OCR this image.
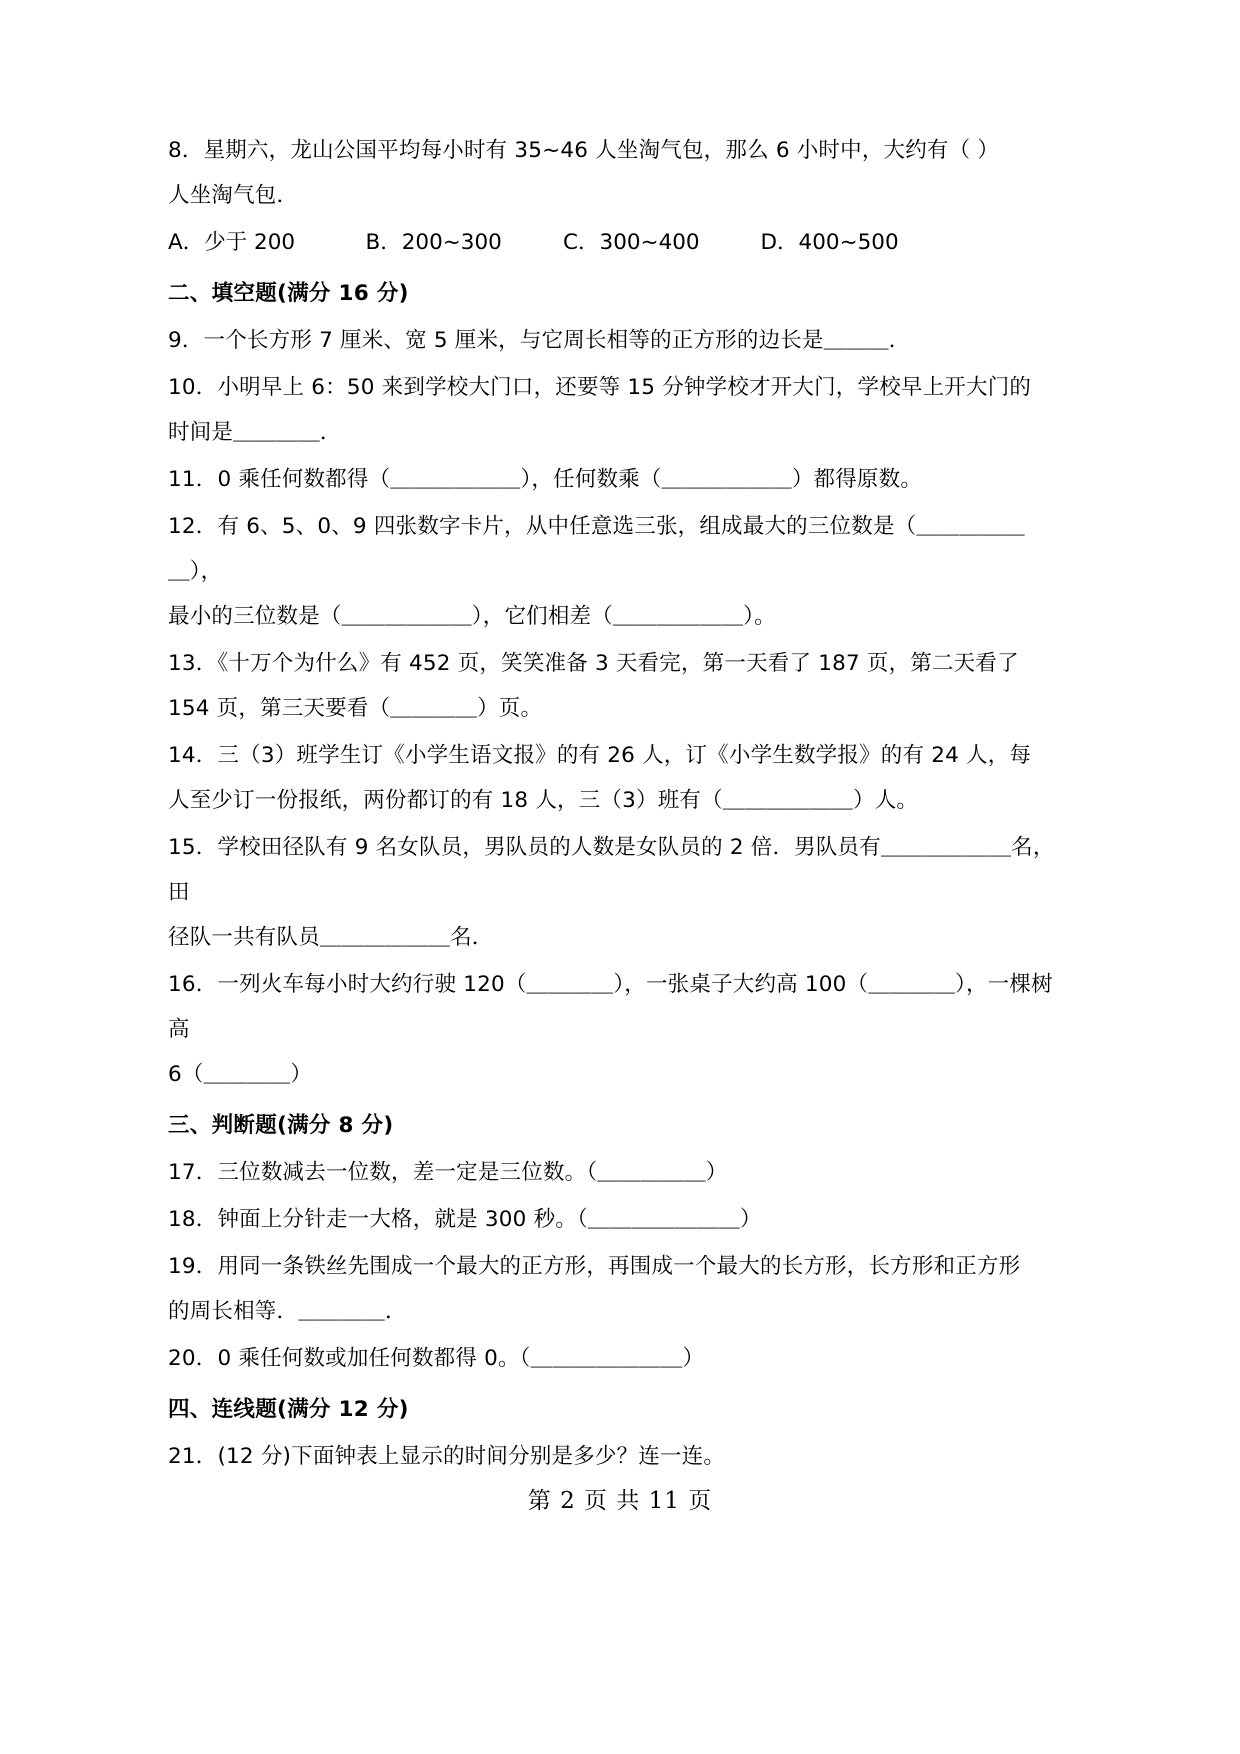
8．星期六，龙山公国平均每小时有 35~46 人坐淘气包，那么 6 小时中，大约有（ ）
人坐淘气包．
A．少于 200	B．200~300	C．300~400	D．400~500
二、填空题(满分 16 分)
9．一个长方形 7 厘米、宽 5 厘米，与它周长相等的正方形的边长是＿＿＿．
10．小明早上 6：50 来到学校大门口，还要等 15 分钟学校才开大门，学校早上开大门的
时间是＿＿＿＿．
11．0 乘任何数都得（＿＿＿＿＿＿），任何数乘（＿＿＿＿＿＿）都得原数。
12．有 6、5、0、9 四张数字卡片，从中任意选三张，组成最大的三位数是（＿＿＿＿＿＿），
最小的三位数是（＿＿＿＿＿＿），它们相差（＿＿＿＿＿＿）。
13．《十万个为什么》有 452 页，笑笑准备 3 天看完，第一天看了 187 页，第二天看了
154 页，第三天要看（＿＿＿＿）页。
14．三（3）班学生订《小学生语文报》的有 26 人，订《小学生数学报》的有 24 人，每
人至少订一份报纸，两份都订的有 18 人，三（3）班有（＿＿＿＿＿＿）人。
15．学校田径队有 9 名女队员，男队员的人数是女队员的 2 倍．男队员有＿＿＿＿＿＿名，田
径队一共有队员＿＿＿＿＿＿名．
16．一列火车每小时大约行驶 120（＿＿＿＿），一张桌子大约高 100（＿＿＿＿），一棵树高
6（＿＿＿＿）
三、判断题(满分 8 分)
17．三位数减去一位数，差一定是三位数。（＿＿＿＿＿）
18．钟面上分针走一大格，就是 300 秒。（＿＿＿＿＿＿＿）
19．用同一条铁丝先围成一个最大的正方形，再围成一个最大的长方形，长方形和正方形
的周长相等．＿＿＿＿．
20．0 乘任何数或加任何数都得 0。（＿＿＿＿＿＿＿）
四、连线题(满分 12 分)
21．(12 分)下面钟表上显示的时间分别是多少？连一连。
第 2 页 共 11 页
